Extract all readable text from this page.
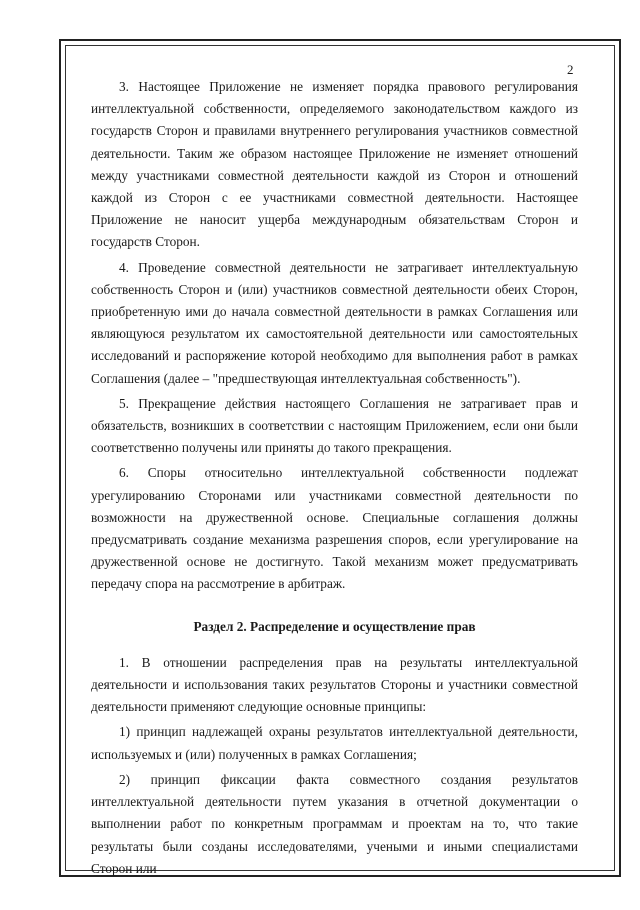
2

3. Настоящее Приложение не изменяет порядка правового регулирования интеллектуальной собственности, определяемого законодательством каждого из государств Сторон и правилами внутреннего регулирования участников совместной деятельности. Таким же образом настоящее Приложение не изменяет отношений между участниками совместной деятельности каждой из Сторон и отношений каждой из Сторон с ее участниками совместной деятельности. Настоящее Приложение не наносит ущерба международным обязательствам Сторон и государств Сторон.

4. Проведение совместной деятельности не затрагивает интеллектуальную собственность Сторон и (или) участников совместной деятельности обеих Сторон, приобретенную ими до начала совместной деятельности в рамках Соглашения или являющуюся результатом их самостоятельной деятельности или самостоятельных исследований и распоряжение которой необходимо для выполнения работ в рамках Соглашения (далее – "предшествующая интеллектуальная собственность").

5. Прекращение действия настоящего Соглашения не затрагивает прав и обязательств, возникших в соответствии с настоящим Приложением, если они были соответственно получены или приняты до такого прекращения.

6. Споры относительно интеллектуальной собственности подлежат урегулированию Сторонами или участниками совместной деятельности по возможности на дружественной основе. Специальные соглашения должны предусматривать создание механизма разрешения споров, если урегулирование на дружественной основе не достигнуто. Такой механизм может предусматривать передачу спора на рассмотрение в арбитраж.

Раздел 2. Распределение и осуществление прав

1. В отношении распределения прав на результаты интеллектуальной деятельности и использования таких результатов Стороны и участники совместной деятельности применяют следующие основные принципы:

1) принцип надлежащей охраны результатов интеллектуальной деятельности, используемых и (или) полученных в рамках Соглашения;

2) принцип фиксации факта совместного создания результатов интеллектуальной деятельности путем указания в отчетной документации о выполнении работ по конкретным программам и проектам на то, что такие результаты были созданы исследователями, учеными и иными специалистами Сторон или
